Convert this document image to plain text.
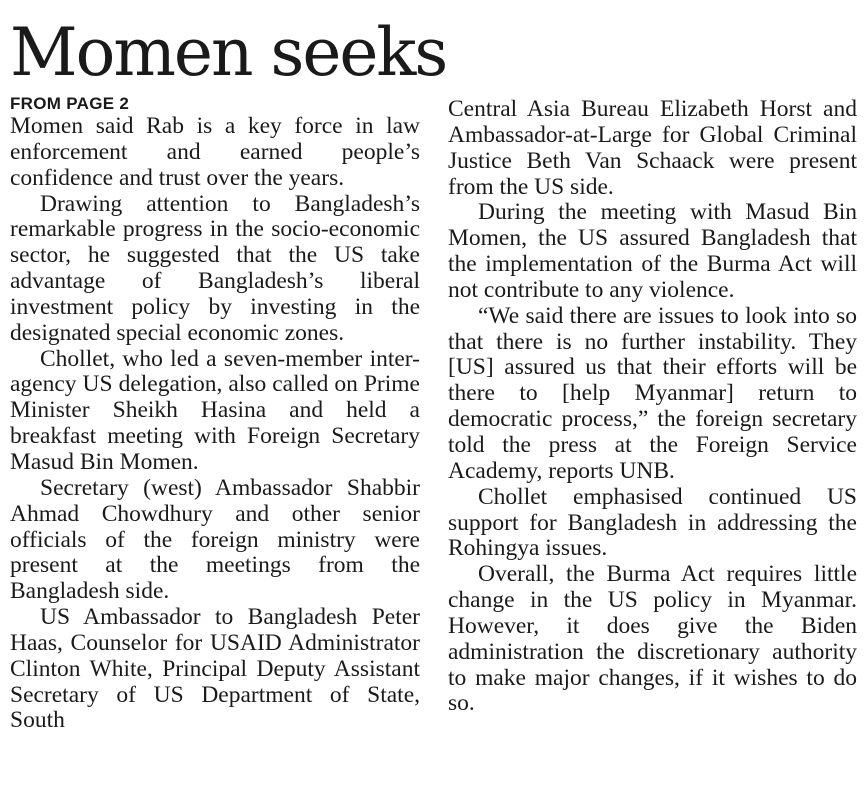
Momen seeks

FROM PAGE 2

Momen said Rab is a key force in law enforcement and earned people’s confidence and trust over the years.

Drawing attention to Bangladesh’s remarkable progress in the socio-economic sector, he suggested that the US take advantage of Bangladesh’s liberal investment policy by investing in the designated special economic zones.

Chollet, who led a seven-member inter-agency US delegation, also called on Prime Minister Sheikh Hasina and held a breakfast meeting with Foreign Secretary Masud Bin Momen.

Secretary (west) Ambassador Shabbir Ahmad Chowdhury and other senior officials of the foreign ministry were present at the meetings from the Bangladesh side.

US Ambassador to Bangladesh Peter Haas, Counselor for USAID Administrator Clinton White, Principal Deputy Assistant Secretary of US Department of State, South

Central Asia Bureau Elizabeth Horst and Ambassador-at-Large for Global Criminal Justice Beth Van Schaack were present from the US side.

During the meeting with Masud Bin Momen, the US assured Bangladesh that the implementation of the Burma Act will not contribute to any violence.

“We said there are issues to look into so that there is no further instability. They [US] assured us that their efforts will be there to [help Myanmar] return to democratic process,” the foreign secretary told the press at the Foreign Service Academy, reports UNB.

Chollet emphasised continued US support for Bangladesh in addressing the Rohingya issues.

Overall, the Burma Act requires little change in the US policy in Myanmar. However, it does give the Biden administration the discretionary authority to make major changes, if it wishes to do so.
